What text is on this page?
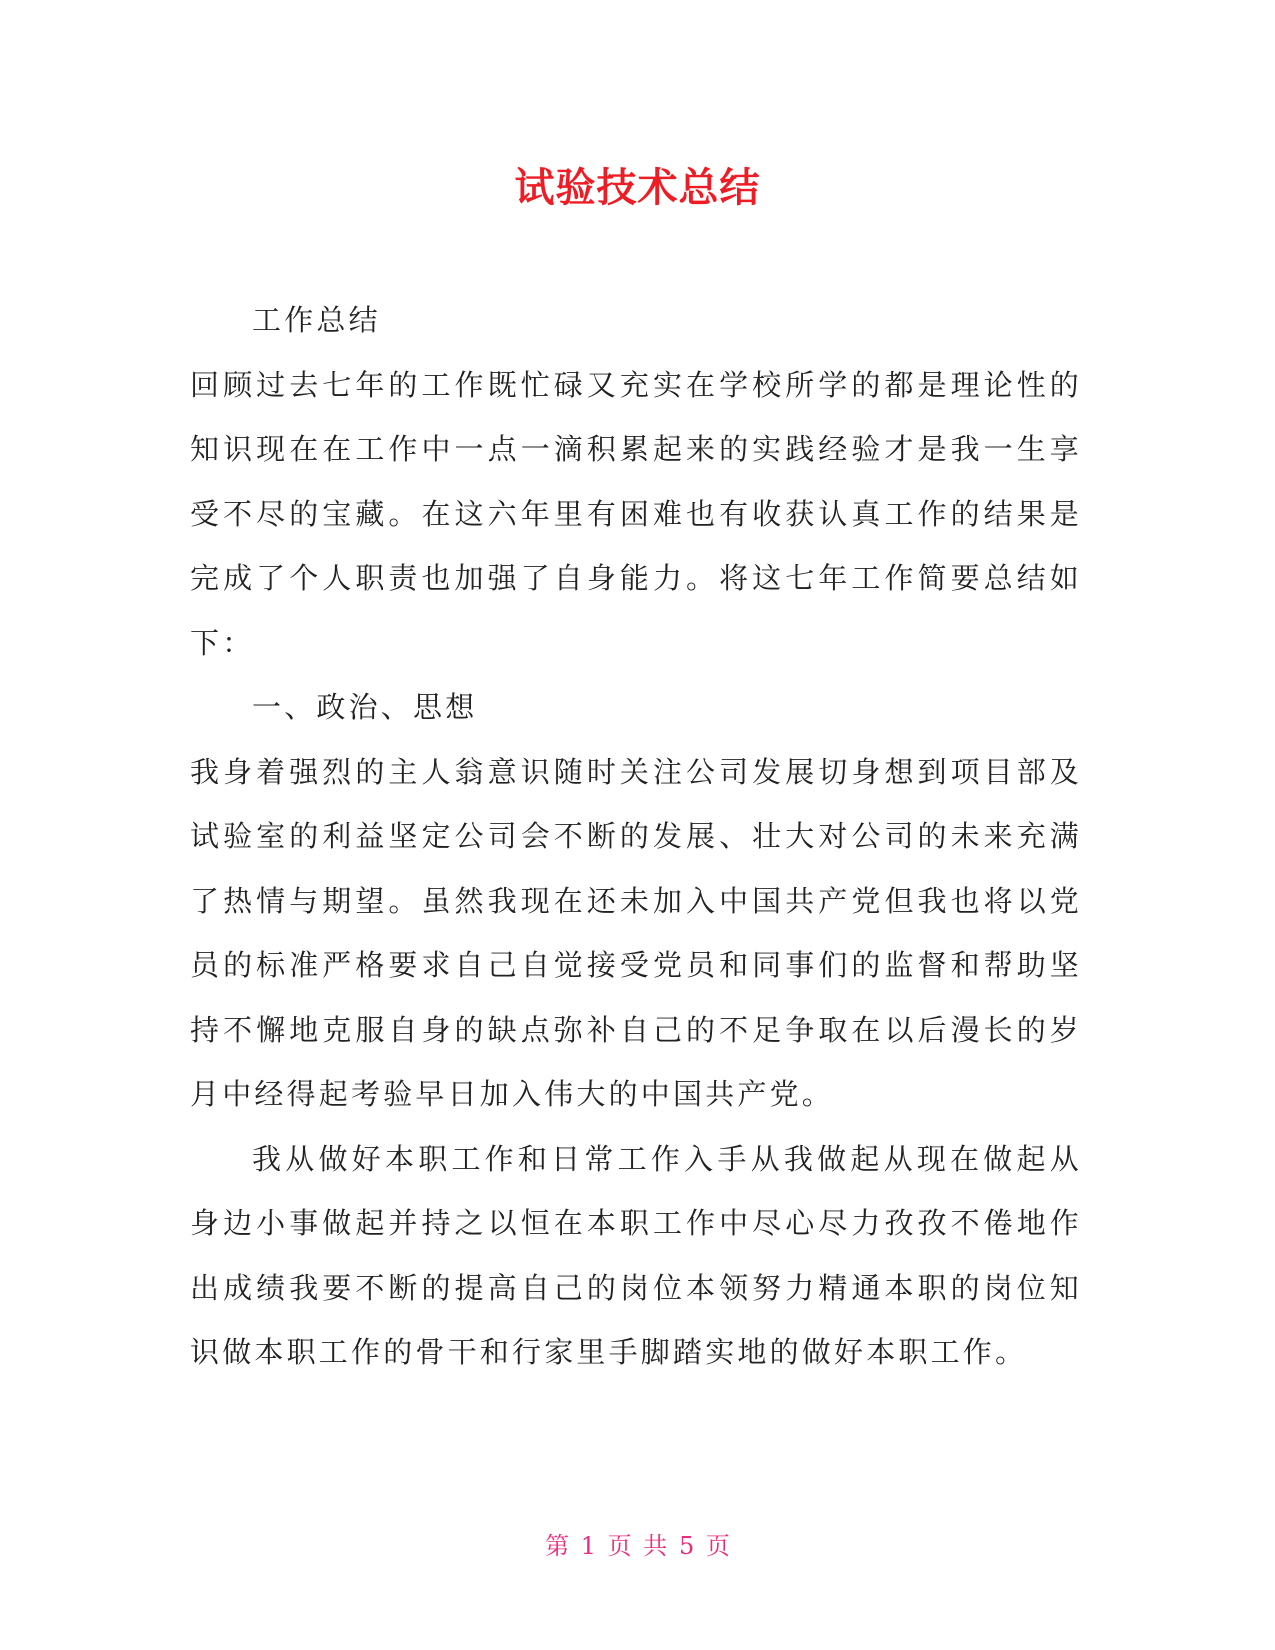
试验技术总结

工作总结

回顾过去七年的工作既忙碌又充实在学校所学的都是理论性的知识现在在工作中一点一滴积累起来的实践经验才是我一生享受不尽的宝藏。在这六年里有困难也有收获认真工作的结果是完成了个人职责也加强了自身能力。将这七年工作简要总结如下：

一、政治、思想

我身着强烈的主人翁意识随时关注公司发展切身想到项目部及试验室的利益坚定公司会不断的发展、壮大对公司的未来充满了热情与期望。虽然我现在还未加入中国共产党但我也将以党员的标准严格要求自己自觉接受党员和同事们的监督和帮助坚持不懈地克服自身的缺点弥补自己的不足争取在以后漫长的岁月中经得起考验早日加入伟大的中国共产党。

我从做好本职工作和日常工作入手从我做起从现在做起从身边小事做起并持之以恒在本职工作中尽心尽力孜孜不倦地作出成绩我要不断的提高自己的岗位本领努力精通本职的岗位知识做本职工作的骨干和行家里手脚踏实地的做好本职工作。

第 1 页 共 5 页
